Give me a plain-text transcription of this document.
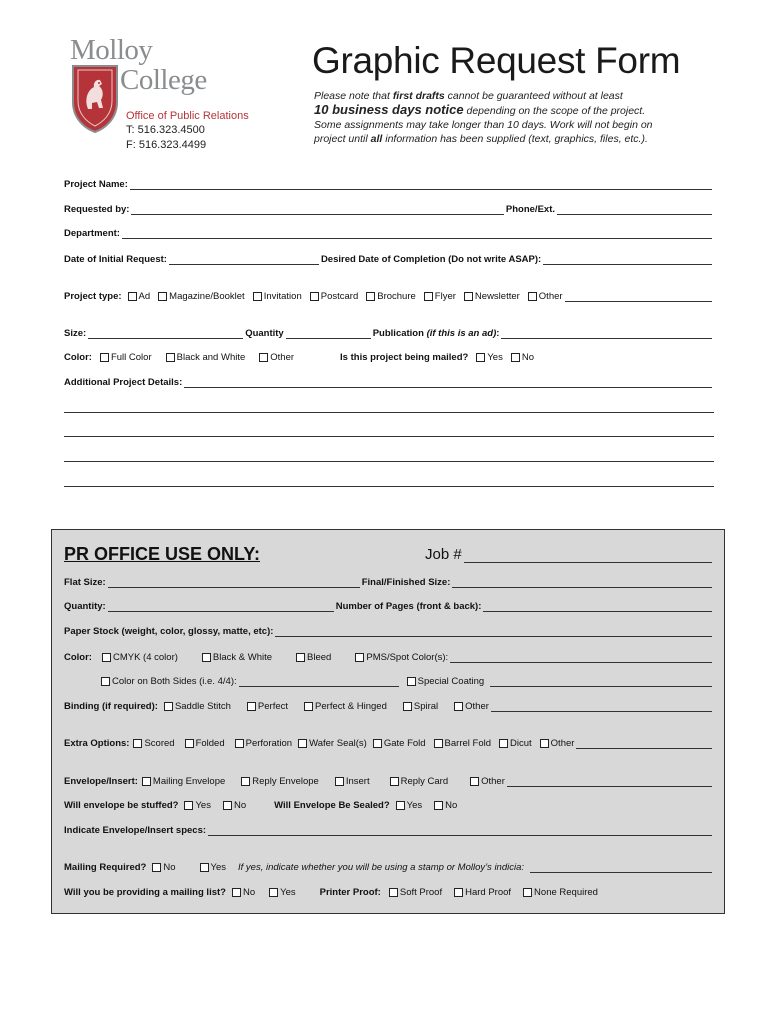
Molloy
College
Office of Public Relations
T: 516.323.4500
F: 516.323.4499
Graphic Request Form
Please note that first drafts cannot be guaranteed without at least
10 business days notice depending on the scope of the project.
Some assignments may take longer than 10 days. Work will not begin on
project until all information has been supplied (text, graphics, files, etc.).
Project Name:
Requested by:	Phone/Ext.
Department:
Date of Initial Request:	Desired Date of Completion (Do not write ASAP):
Project type: Ad Magazine/Booklet Invitation Postcard Brochure Flyer Newsletter Other
Size:	Quantity	Publication (if this is an ad):
Color: Full Color	Black and White	Other	Is this project being mailed? Yes No
Additional Project Details:
PR OFFICE USE ONLY:	Job #
Flat Size:	Final/Finished Size:
Quantity:	Number of Pages (front & back):
Paper Stock (weight, color, glossy, matte, etc):
Color: CMYK (4 color)	Black & White	Bleed	PMS/Spot Color(s):
Color on Both Sides (i.e. 4/4):	Special Coating
Binding (if required): Saddle Stitch	Perfect	Perfect & Hinged	Spiral	Other
Extra Options: Scored Folded Perforation Wafer Seal(s) Gate Fold Barrel Fold Dicut Other
Envelope/Insert: Mailing Envelope	Reply Envelope	Insert	Reply Card	Other
Will envelope be stuffed? Yes No	Will Envelope Be Sealed? Yes No
Indicate Envelope/Insert specs:
Mailing Required? No	Yes If yes, indicate whether you will be using a stamp or Molloy’s indicia:
Will you be providing a mailing list? No	Yes	Printer Proof: Soft Proof Hard Proof None Required
